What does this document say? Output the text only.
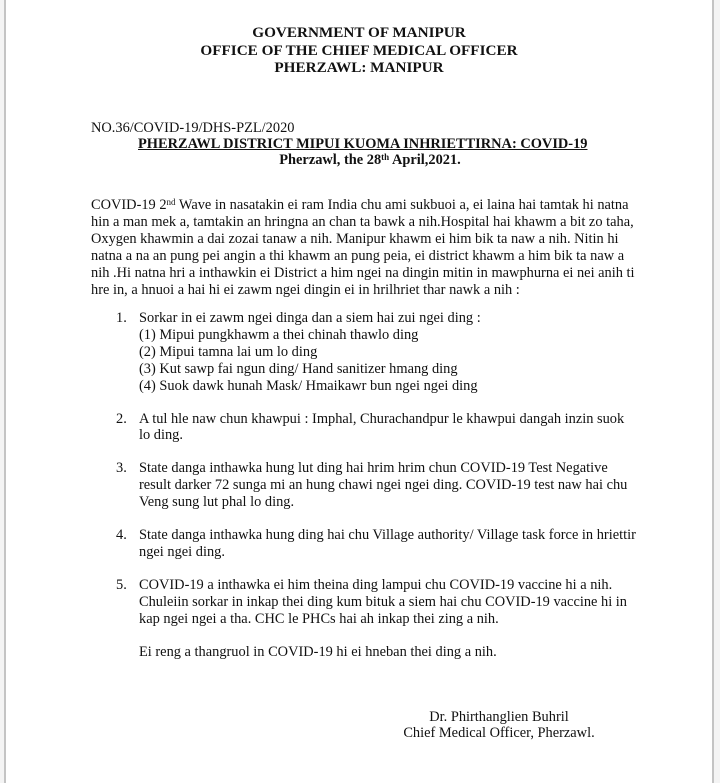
GOVERNMENT OF MANIPUR
OFFICE OF THE CHIEF MEDICAL OFFICER
PHERZAWL: MANIPUR
NO.36/COVID-19/DHS-PZL/2020
PHERZAWL DISTRICT MIPUI KUOMA INHRIETTIRNA: COVID-19
Pherzawl, the 28th April,2021.
COVID-19 2nd Wave in nasatakin ei ram India chu ami sukbuoi a, ei laina hai tamtak hi natna hin a man mek a, tamtakin an hringna an chan ta bawk a nih.Hospital hai khawm a bit zo taha, Oxygen khawmin a dai zozai tanaw a nih. Manipur khawm ei him bik ta naw a nih. Nitin hi natna a na an pung pei angin a thi khawm an pung peia, ei district khawm a him bik ta naw a nih .Hi natna hri a inthawkin ei District a him ngei na dingin mitin in mawphurna ei nei anih ti hre in, a hnuoi a hai hi ei zawm ngei dingin ei in hrilhriet thar nawk a nih :
1. Sorkar in ei zawm ngei dinga dan a siem hai zui ngei ding :
(1) Mipui pungkhawm a thei chinah thawlo ding
(2) Mipui tamna lai um lo ding
(3) Kut sawp fai ngun ding/ Hand sanitizer hmang ding
(4) Suok dawk hunah Mask/ Hmaikawr bun ngei ngei ding
2. A tul hle naw chun khawpui : Imphal, Churachandpur le khawpui dangah inzin suok lo ding.
3. State danga inthawka hung lut ding hai hrim hrim chun COVID-19 Test Negative result darker 72 sunga mi an hung chawi ngei ngei ding. COVID-19 test naw hai chu Veng sung lut phal lo ding.
4. State danga inthawka hung ding hai chu Village authority/ Village task force in hriettir ngei ngei ding.
5. COVID-19 a inthawka ei him theina ding lampui chu COVID-19 vaccine hi a nih. Chuleiin sorkar in inkap thei ding kum bituk a siem hai chu COVID-19 vaccine hi in kap ngei ngei a tha. CHC le PHCs hai ah inkap thei zing a nih.
Ei reng a thangruol in COVID-19 hi ei hneban thei ding a nih.
Dr. Phirthanglien Buhril
Chief Medical Officer, Pherzawl.
